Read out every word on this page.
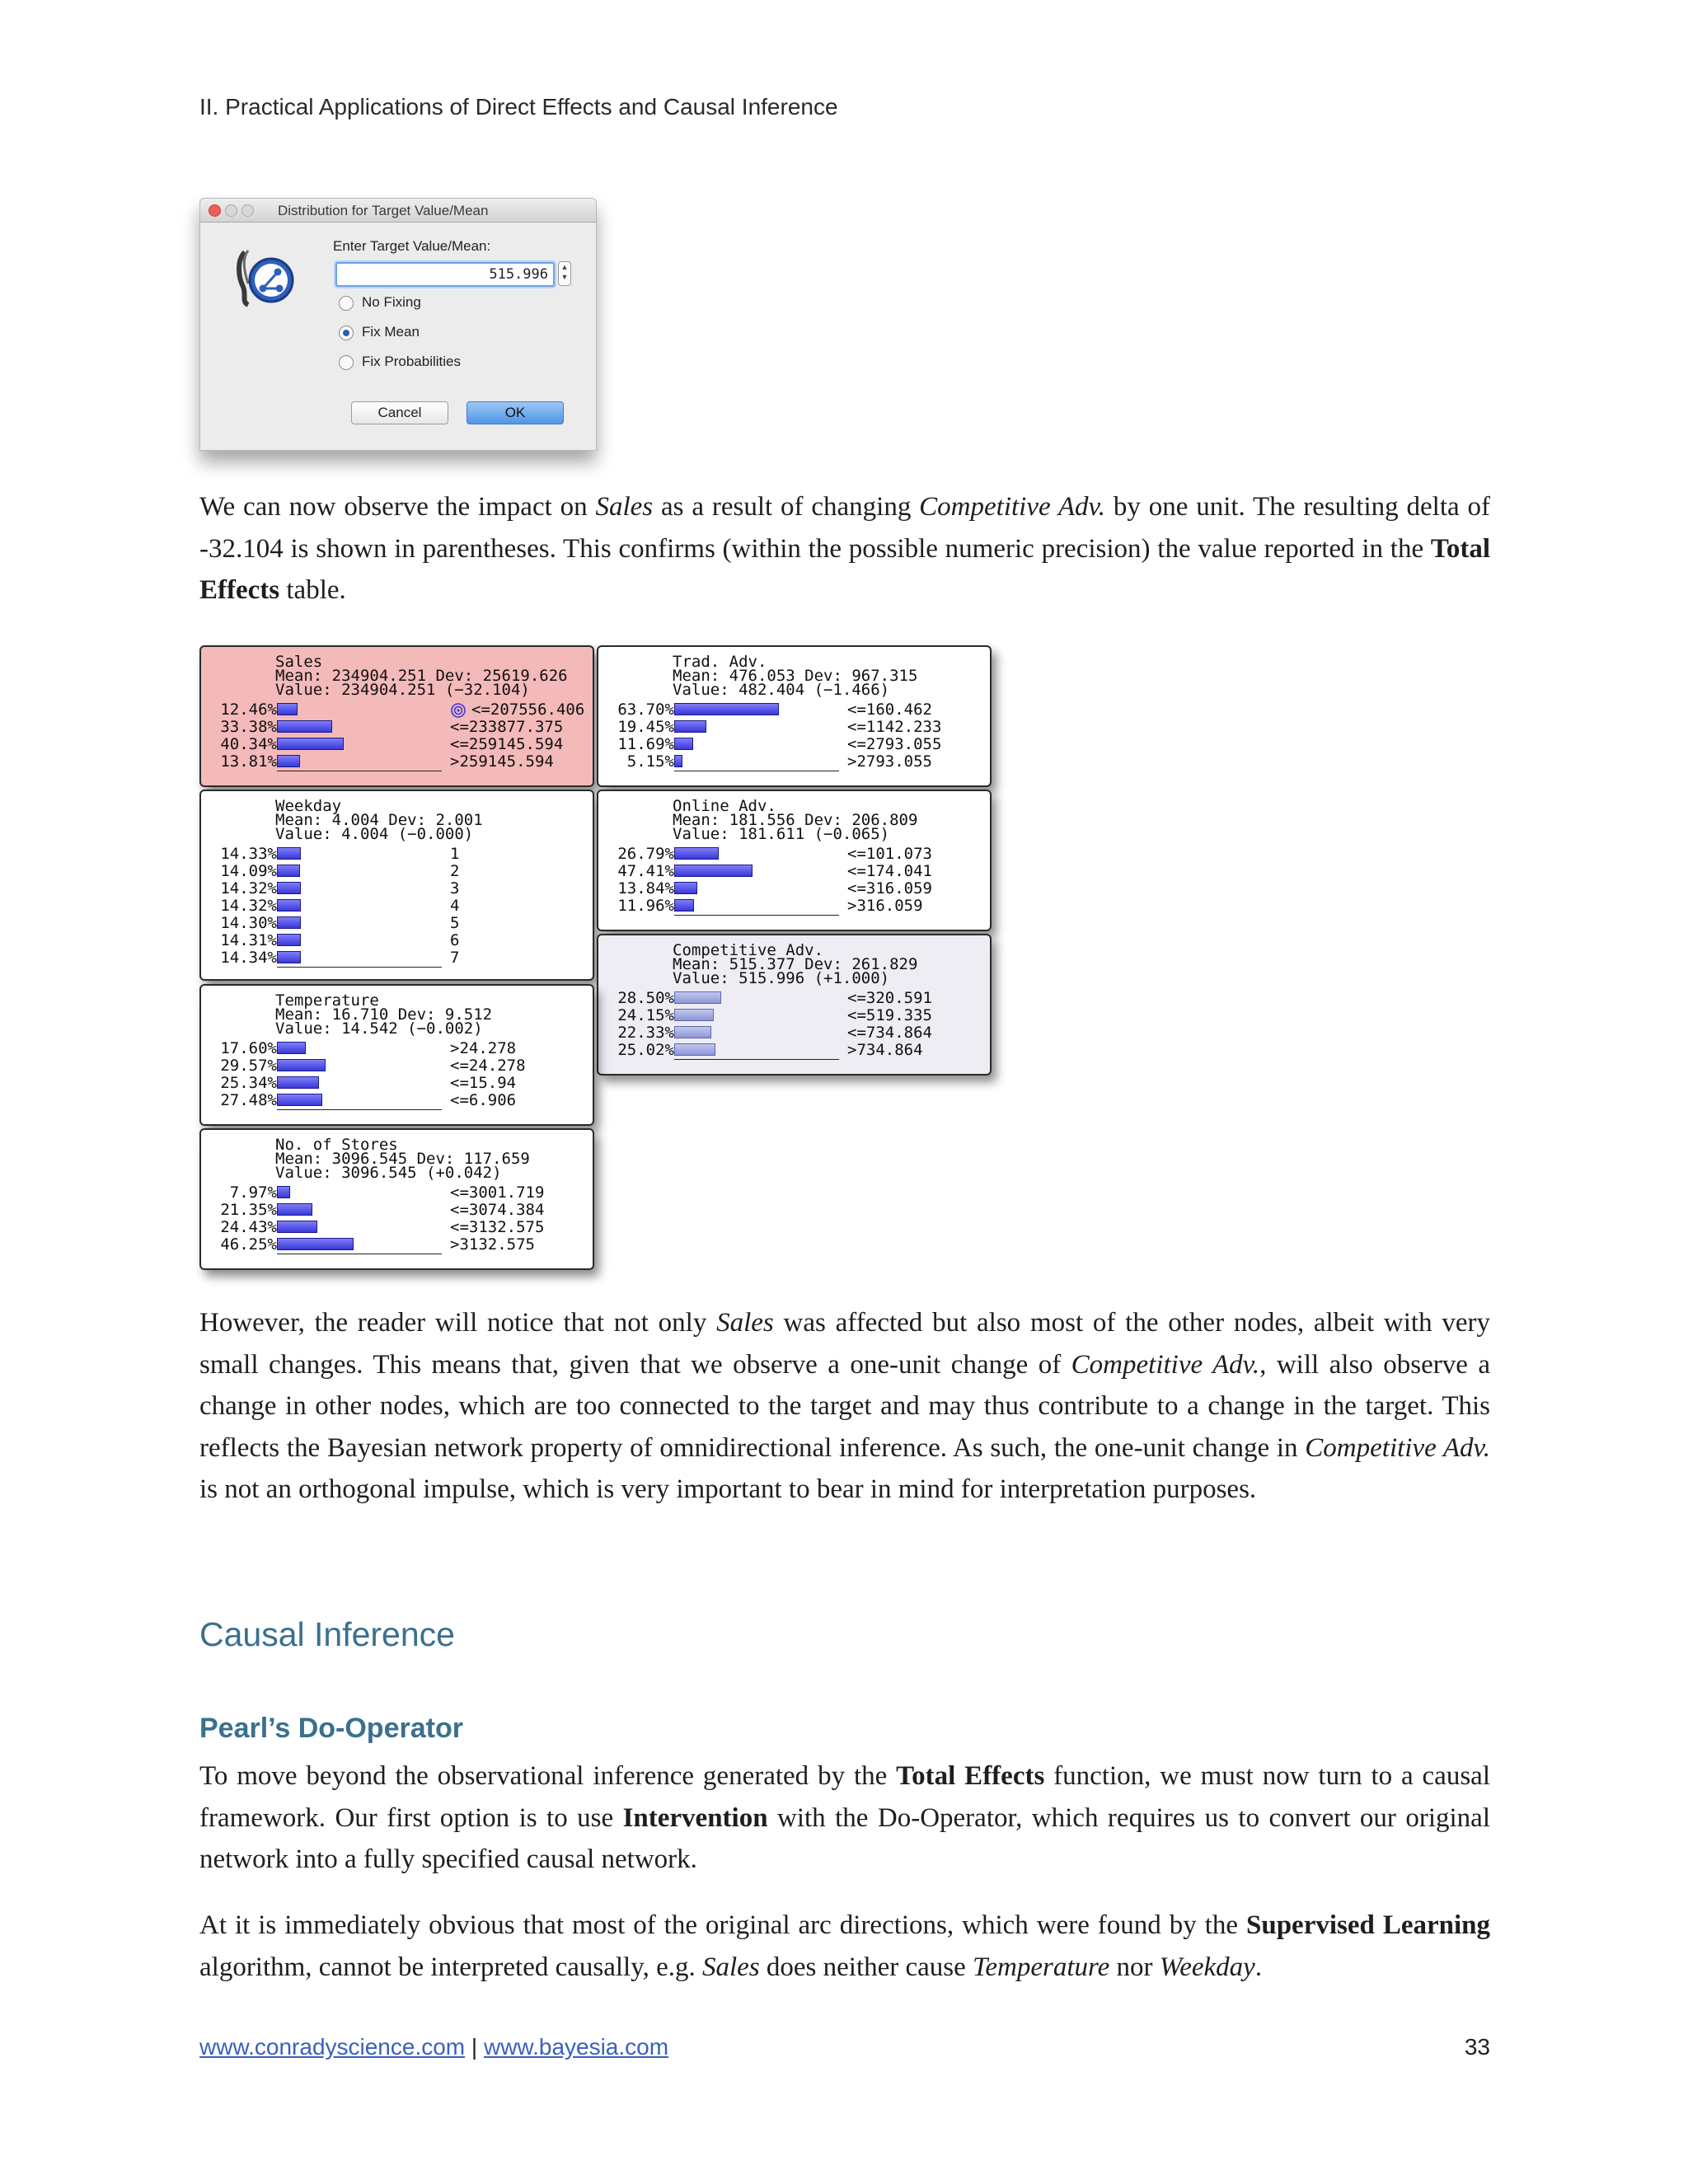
II. Practical Applications of Direct Effects and Causal Inference
Distribution for Target Value/Mean
Enter Target Value/Mean:
515.996	▲
▼
No Fixing
Fix Mean
Fix Probabilities
Cancel	OK

We can now observe the impact on Sales as a result of changing Competitive Adv. by one unit. The resulting delta of -32.104 is shown in parentheses. This confirms (within the possible numeric precision) the value reported in the Total Effects table.

Sales
Mean: 234904.251 Dev: 25619.626
Value: 234904.251 (−32.104)
12.46%	<=207556.406
33.38%	<=233877.375
40.34%	<=259145.594
13.81%	>259145.594
Trad. Adv.
Mean: 476.053 Dev: 967.315
Value: 482.404 (−1.466)
63.70%	<=160.462
19.45%	<=1142.233
11.69%	<=2793.055
5.15%	>2793.055
Weekday
Mean: 4.004 Dev: 2.001
Value: 4.004 (−0.000)
14.33%	1
14.09%	2
14.32%	3
14.32%	4
14.30%	5
14.31%	6
14.34%	7
Online Adv.
Mean: 181.556 Dev: 206.809
Value: 181.611 (−0.065)
26.79%	<=101.073
47.41%	<=174.041
13.84%	<=316.059
11.96%	>316.059
Competitive Adv.
Mean: 515.377 Dev: 261.829
Value: 515.996 (+1.000)
28.50%	<=320.591
24.15%	<=519.335
22.33%	<=734.864
25.02%	>734.864
Temperature
Mean: 16.710 Dev: 9.512
Value: 14.542 (−0.002)
17.60%	>24.278
29.57%	<=24.278
25.34%	<=15.94
27.48%	<=6.906
No. of Stores
Mean: 3096.545 Dev: 117.659
Value: 3096.545 (+0.042)
7.97%	<=3001.719
21.35%	<=3074.384
24.43%	<=3132.575
46.25%	>3132.575

However, the reader will notice that not only Sales was affected but also most of the other nodes, albeit with very small changes. This means that, given that we observe a one-unit change of Competitive Adv., will also observe a change in other nodes, which are too connected to the target and may thus contribute to a change in the target. This reflects the Bayesian network property of omnidirectional inference. As such, the one-unit change in Competitive Adv. is not an orthogonal impulse, which is very important to bear in mind for interpretation purposes.

Causal Inference
Pearl’s Do-Operator

To move beyond the observational inference generated by the Total Effects function, we must now turn to a causal framework. Our first option is to use Intervention with the Do-Operator, which requires us to convert our original network into a fully specified causal network.

At it is immediately obvious that most of the original arc directions, which were found by the Supervised Learning algorithm, cannot be interpreted causally, e.g. Sales does neither cause Temperature nor Weekday.

www.conradyscience.com | www.bayesia.com	33
